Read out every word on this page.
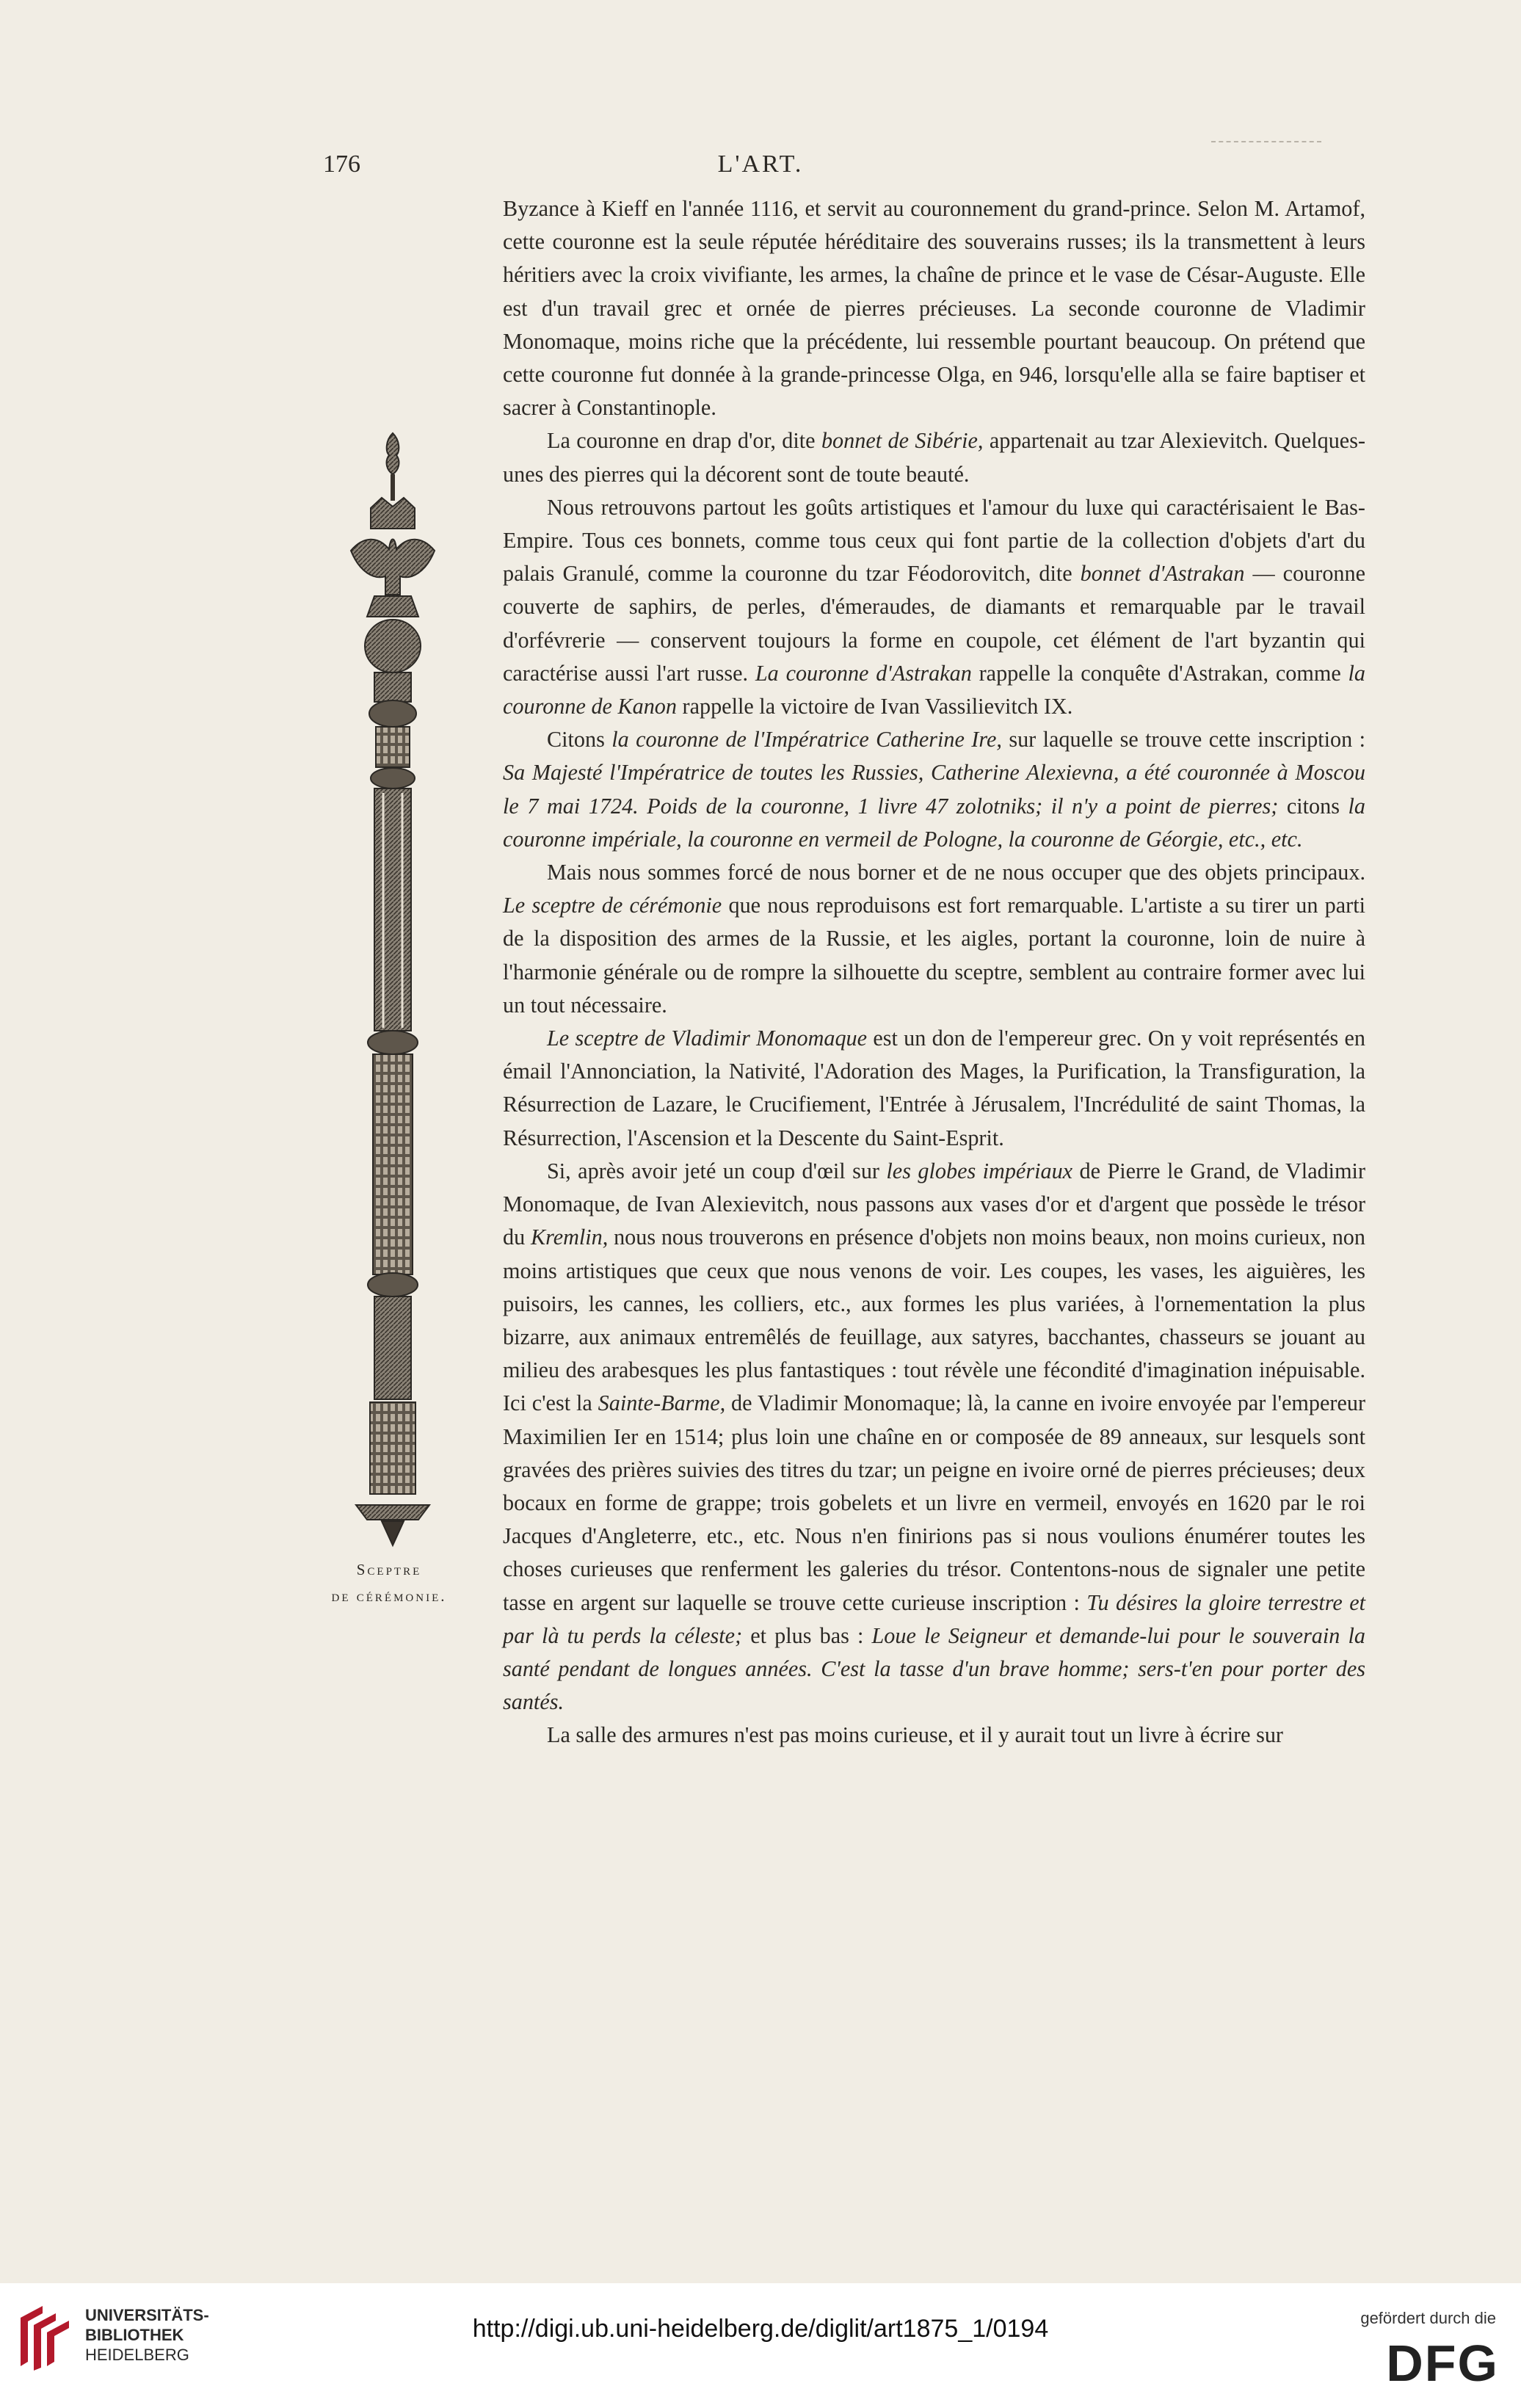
176	L'ART.
Sceptre
de cérémonie.

Byzance à Kieff en l'année 1116, et servit au couronnement du grand-prince. Selon M. Artamof, cette couronne est la seule réputée héréditaire des souverains russes; ils la transmettent à leurs héritiers avec la croix vivifiante, les armes, la chaîne de prince et le vase de César-Auguste. Elle est d'un travail grec et ornée de pierres précieuses. La seconde couronne de Vladimir Monomaque, moins riche que la précédente, lui ressemble pourtant beaucoup. On prétend que cette couronne fut donnée à la grande-princesse Olga, en 946, lorsqu'elle alla se faire baptiser et sacrer à Constantinople.

La couronne en drap d'or, dite bonnet de Sibérie, appartenait au tzar Alexievitch. Quelques-unes des pierres qui la décorent sont de toute beauté.

Nous retrouvons partout les goûts artistiques et l'amour du luxe qui caractérisaient le Bas-Empire. Tous ces bonnets, comme tous ceux qui font partie de la collection d'objets d'art du palais Granulé, comme la couronne du tzar Féodorovitch, dite bonnet d'Astrakan — couronne couverte de saphirs, de perles, d'émeraudes, de diamants et remarquable par le travail d'orfévrerie — conservent toujours la forme en coupole, cet élément de l'art byzantin qui caractérise aussi l'art russe. La couronne d'Astrakan rappelle la conquête d'Astrakan, comme la couronne de Kanon rappelle la victoire de Ivan Vassilievitch IX.

Citons la couronne de l'Impératrice Catherine Ire, sur laquelle se trouve cette inscription : Sa Majesté l'Impératrice de toutes les Russies, Catherine Alexievna, a été couronnée à Moscou le 7 mai 1724. Poids de la couronne, 1 livre 47 zolotniks; il n'y a point de pierres; citons la couronne impériale, la couronne en vermeil de Pologne, la couronne de Géorgie, etc., etc.

Mais nous sommes forcé de nous borner et de ne nous occuper que des objets principaux. Le sceptre de cérémonie que nous reproduisons est fort remarquable. L'artiste a su tirer un parti de la disposition des armes de la Russie, et les aigles, portant la couronne, loin de nuire à l'harmonie générale ou de rompre la silhouette du sceptre, semblent au contraire former avec lui un tout nécessaire.

Le sceptre de Vladimir Monomaque est un don de l'empereur grec. On y voit représentés en émail l'Annonciation, la Nativité, l'Adoration des Mages, la Purification, la Transfiguration, la Résurrection de Lazare, le Crucifiement, l'Entrée à Jérusalem, l'Incrédulité de saint Thomas, la Résurrection, l'Ascension et la Descente du Saint-Esprit.

Si, après avoir jeté un coup d'œil sur les globes impériaux de Pierre le Grand, de Vladimir Monomaque, de Ivan Alexievitch, nous passons aux vases d'or et d'argent que possède le trésor du Kremlin, nous nous trouverons en présence d'objets non moins beaux, non moins curieux, non moins artistiques que ceux que nous venons de voir. Les coupes, les vases, les aiguières, les puisoirs, les cannes, les colliers, etc., aux formes les plus variées, à l'ornementation la plus bizarre, aux animaux entremêlés de feuillage, aux satyres, bacchantes, chasseurs se jouant au milieu des arabesques les plus fantastiques : tout révèle une fécondité d'imagination inépuisable. Ici c'est la Sainte-Barme, de Vladimir Monomaque; là, la canne en ivoire envoyée par l'empereur Maximilien Ier en 1514; plus loin une chaîne en or composée de 89 anneaux, sur lesquels sont gravées des prières suivies des titres du tzar; un peigne en ivoire orné de pierres précieuses; deux bocaux en forme de grappe; trois gobelets et un livre en vermeil, envoyés en 1620 par le roi Jacques d'Angleterre, etc., etc. Nous n'en finirions pas si nous voulions énumérer toutes les choses curieuses que renferment les galeries du trésor. Contentons-nous de signaler une petite tasse en argent sur laquelle se trouve cette curieuse inscription : Tu désires la gloire terrestre et par là tu perds la céleste; et plus bas : Loue le Seigneur et demande-lui pour le souverain la santé pendant de longues années. C'est la tasse d'un brave homme; sers-t'en pour porter des santés.

La salle des armures n'est pas moins curieuse, et il y aurait tout un livre à écrire sur

UNIVERSITÄTS-
BIBLIOTHEK
HEIDELBERG
http://digi.ub.uni-heidelberg.de/diglit/art1875_1/0194	gefördert durch die
DFG
